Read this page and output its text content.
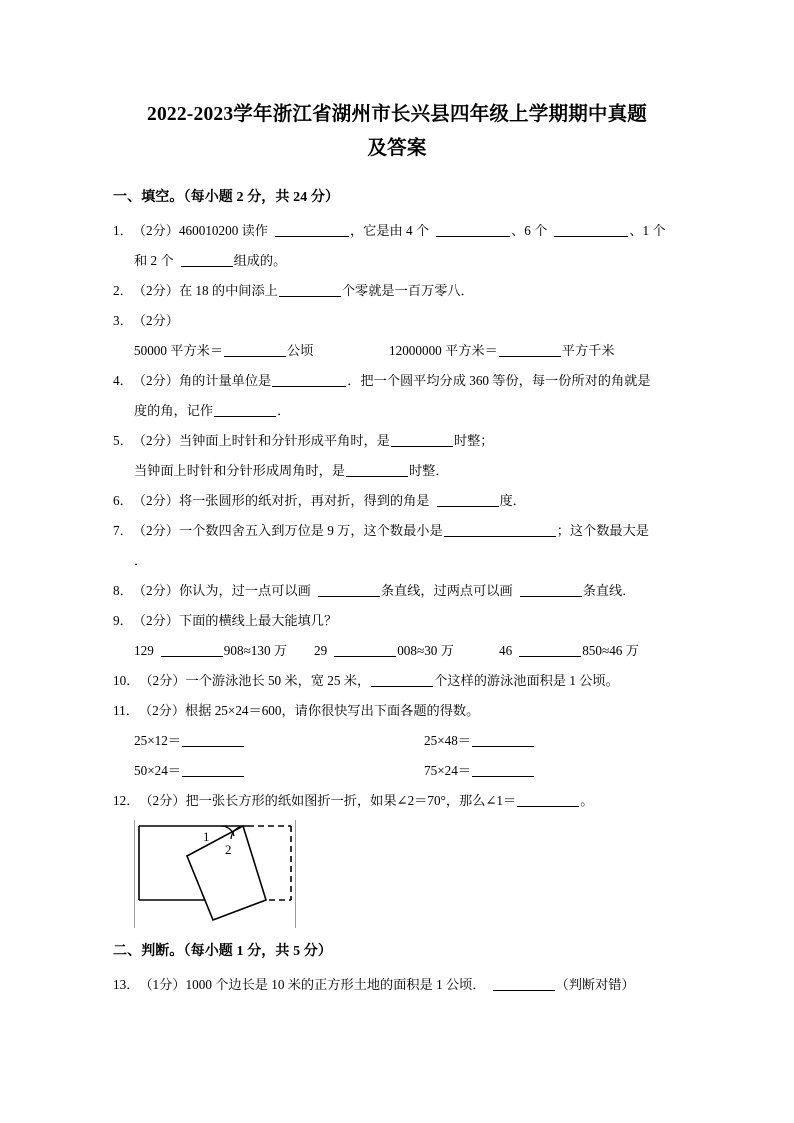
2022-2023学年浙江省湖州市长兴县四年级上学期期中真题
及答案
一、填空。（每小题 2 分，共 24 分）
1．（2分）460010200 读作	，它是由 4 个	、6 个	、1 个
和 2 个	组成的。
2．（2分）在 18 的中间添上	个零就是一百万零八．
3．（2分）
50000 平方米＝	公顷	12000000 平方米＝	平方千米
4．（2分）角的计量单位是	．把一个圆平均分成 360 等份，每一份所对的角就是
度的角，记作	．
5．（2分）当钟面上时针和分针形成平角时，是	时整；
当钟面上时针和分针形成周角时，是	时整．
6．（2分）将一张圆形的纸对折，再对折，得到的角是	度．
7．（2分）一个数四舍五入到万位是 9 万，这个数最小是	；这个数最大是
．
8．（2分）你认为，过一点可以画	条直线，过两点可以画	条直线．
9．（2分）下面的横线上最大能填几？
129	908≈130 万 29	008≈30 万	46	850≈46 万
10．（2分）一个游泳池长 50 米，宽 25 米，	个这样的游泳池面积是 1 公顷。
11．（2分）根据 25×24＝600，请你很快写出下面各题的得数。
25×12＝	25×48＝
50×24＝	75×24＝
12．（2分）把一张长方形的纸如图折一折，如果∠2＝70°，那么∠1＝	。
1
2
二、判断。（每小题 1 分，共 5 分）
13．（1分）1000 个边长是 10 米的正方形土地的面积是 1 公顷．	（判断对错）
